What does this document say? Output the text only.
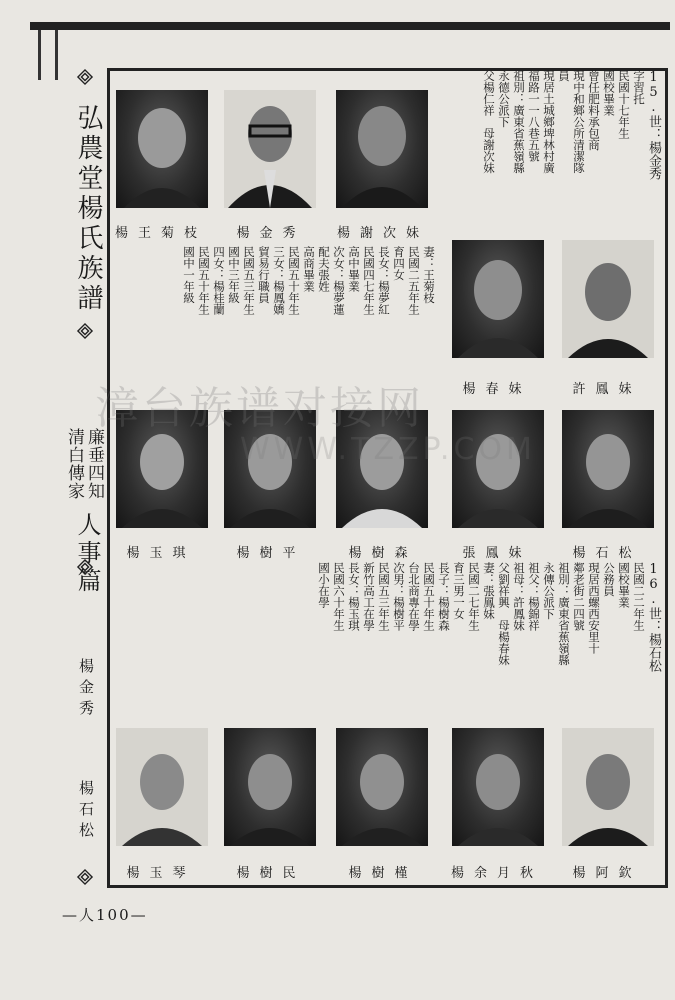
弘農堂楊氏族譜
廉垂四知
清白傳家
人事篇
楊金秀
楊石松
楊王菊枝	楊金秀	楊謝次妹
15.世：楊金秀
字習托
民國十七年生
國校畢業
曾任肥料承包商
現中和鄉公所清潔隊
員
現居土城鄉埤林村廣
福路一一八巷五號
祖別：廣東省蕉嶺縣
永德公派下
父楊仁祥　母謝次妹
妻：王菊枝
民國二五年生
育四女
長女：楊夢紅
民國四七年生
高中畢業
次女：楊夢蓮
配夫張姓
高商畢業
民國五十年生
三女：楊鳳嬌
貿易行職員
民國五三年生
國中三年級
四女：楊桂蘭
民國五十年生
國中一年級
楊春妹	許鳳妹
楊玉琪	楊樹平	楊樹森	張鳳妹	楊石松
16.世：楊石松
民國二二年生
國校畢業
公務員
現居西螺西安里十
鄰老街二四號
祖別：廣東省蕉嶺縣
永傳公派下
祖父：楊錦祥
祖母：許鳳妹
父劉祥興　母楊春妹
妻：張鳳妹
民國二七年生
育三男一女
長子：楊樹森
民國五十年生
台北商專在學
次男：楊樹平
民國五三年生
新竹高工在學
長女：楊玉琪
民國六十年生
國小在學
楊玉琴	楊樹民	楊樹槿	楊余月秋	楊阿欽
漳台族谱对接网
WWW.TZZP.COM
—人100—
